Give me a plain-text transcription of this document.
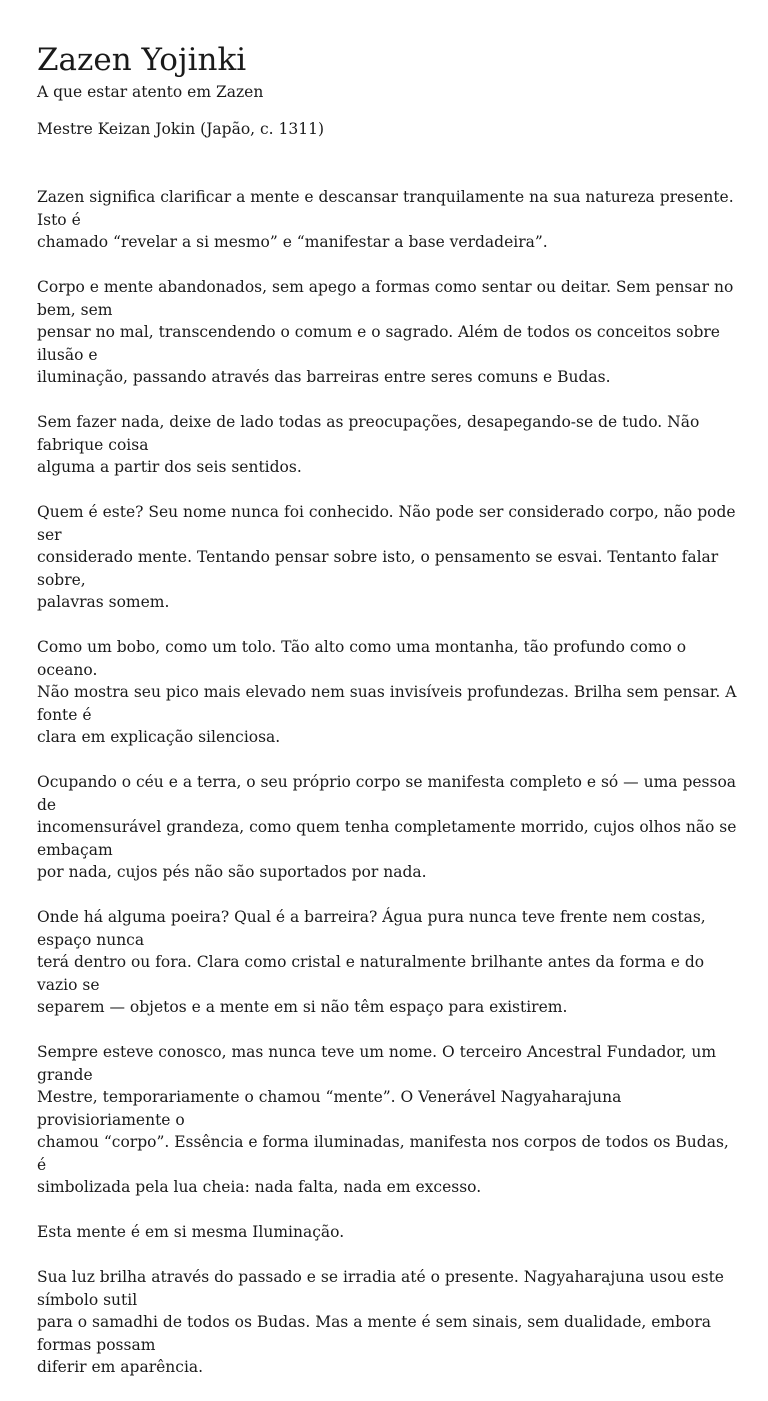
Zazen Yojinki

A que estar atento em Zazen

Mestre Keizan Jokin (Japão, c. 1311)

Zazen significa clarificar a mente e descansar tranquilamente na sua natureza presente. Isto é
chamado “revelar a si mesmo” e “manifestar a base verdadeira”.

Corpo e mente abandonados, sem apego a formas como sentar ou deitar. Sem pensar no bem, sem
pensar no mal, transcendendo o comum e o sagrado. Além de todos os conceitos sobre ilusão e
iluminação, passando através das barreiras entre seres comuns e Budas.

Sem fazer nada, deixe de lado todas as preocupações, desapegando-se de tudo. Não fabrique coisa
alguma a partir dos seis sentidos.

Quem é este? Seu nome nunca foi conhecido. Não pode ser considerado corpo, não pode ser
considerado mente. Tentando pensar sobre isto, o pensamento se esvai. Tentanto falar sobre,
palavras somem.

Como um bobo, como um tolo. Tão alto como uma montanha, tão profundo como o oceano.
Não mostra seu pico mais elevado nem suas invisíveis profundezas. Brilha sem pensar. A fonte é
clara em explicação silenciosa.

Ocupando o céu e a terra, o seu próprio corpo se manifesta completo e só — uma pessoa de
incomensurável grandeza, como quem tenha completamente morrido, cujos olhos não se embaçam
por nada, cujos pés não são suportados por nada.

Onde há alguma poeira? Qual é a barreira? Água pura nunca teve frente nem costas, espaço nunca
terá dentro ou fora. Clara como cristal e naturalmente brilhante antes da forma e do vazio se
separem — objetos e a mente em si não têm espaço para existirem.

Sempre esteve conosco, mas nunca teve um nome. O terceiro Ancestral Fundador, um grande
Mestre, temporariamente o chamou “mente”. O Venerável Nagyaharajuna provisioriamente o
chamou “corpo”. Essência e forma iluminadas, manifesta nos corpos de todos os Budas, é
simbolizada pela lua cheia: nada falta, nada em excesso.

Esta mente é em si mesma Iluminação.

Sua luz brilha através do passado e se irradia até o presente. Nagyaharajuna usou este símbolo sutil
para o samadhi de todos os Budas. Mas a mente é sem sinais, sem dualidade, embora formas possam
diferir em aparência.
